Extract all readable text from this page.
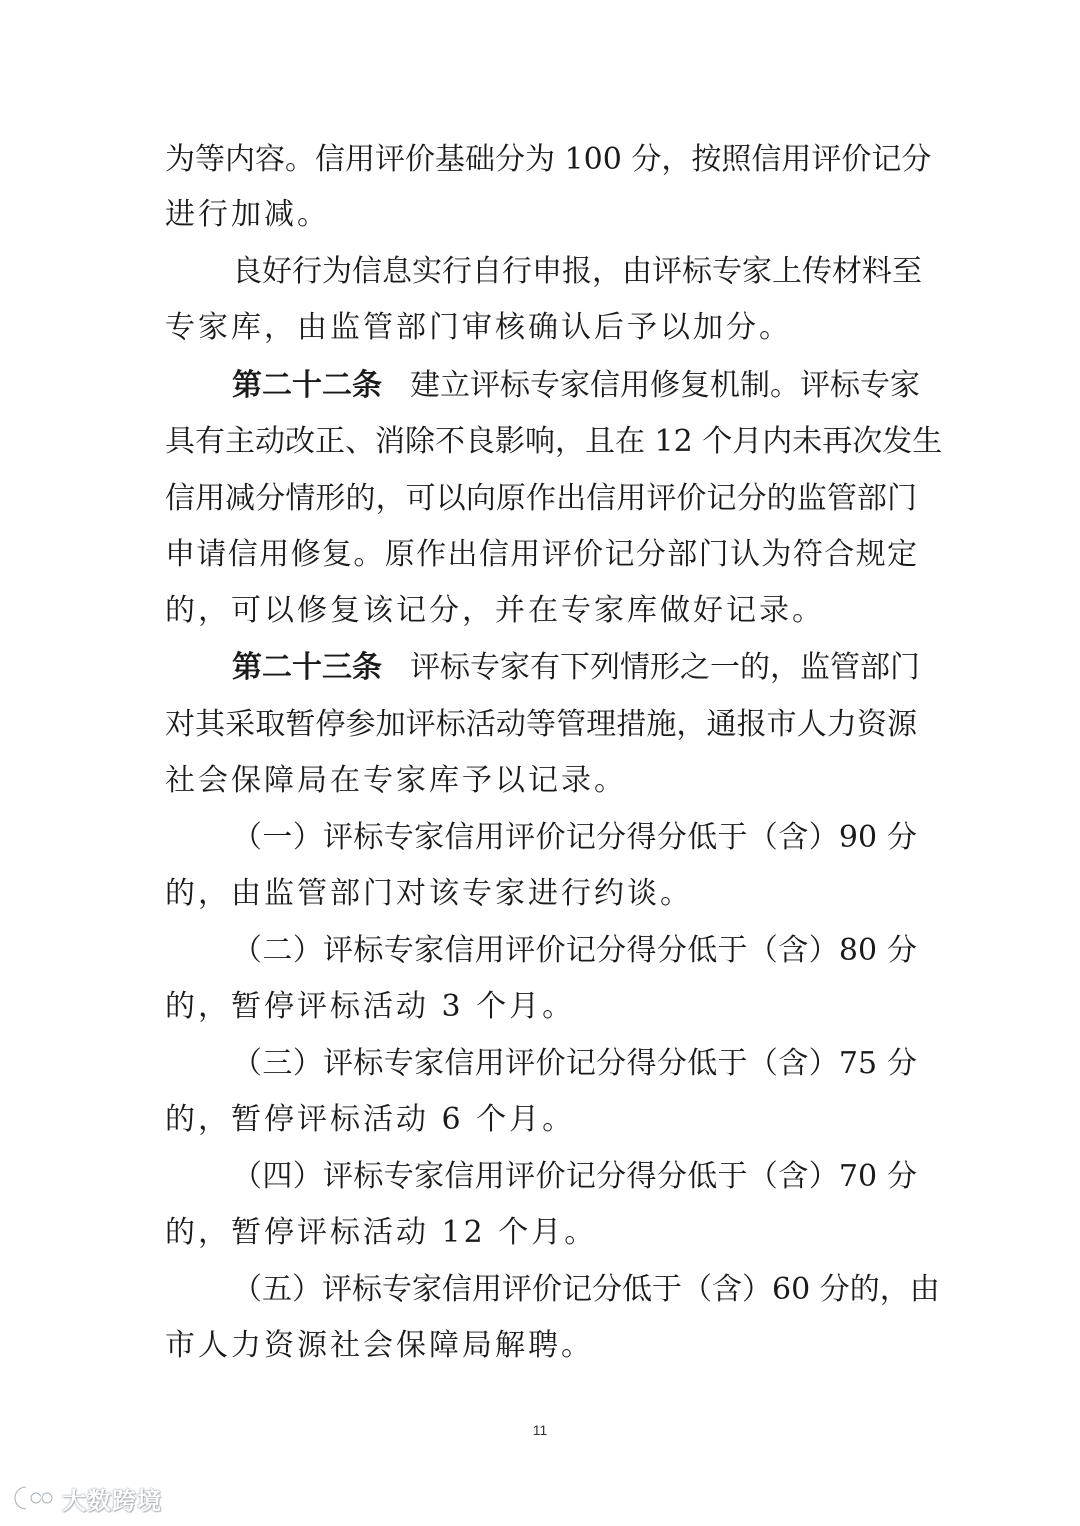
为等内容。信用评价基础分为 100 分，按照信用评价记分
进行加减。
良好行为信息实行自行申报，由评标专家上传材料至
专家库，由监管部门审核确认后予以加分。
第二十二条 建立评标专家信用修复机制。评标专家
具有主动改正、消除不良影响，且在 12 个月内未再次发生
信用减分情形的，可以向原作出信用评价记分的监管部门
申请信用修复。原作出信用评价记分部门认为符合规定
的，可以修复该记分，并在专家库做好记录。
第二十三条 评标专家有下列情形之一的，监管部门
对其采取暂停参加评标活动等管理措施，通报市人力资源
社会保障局在专家库予以记录。
（一）评标专家信用评价记分得分低于（含）90 分
的，由监管部门对该专家进行约谈。
（二）评标专家信用评价记分得分低于（含）80 分
的，暂停评标活动 3 个月。
（三）评标专家信用评价记分得分低于（含）75 分
的，暂停评标活动 6 个月。
（四）评标专家信用评价记分得分低于（含）70 分
的，暂停评标活动 12 个月。
（五）评标专家信用评价记分低于（含）60 分的，由
市人力资源社会保障局解聘。
11
大数跨境
